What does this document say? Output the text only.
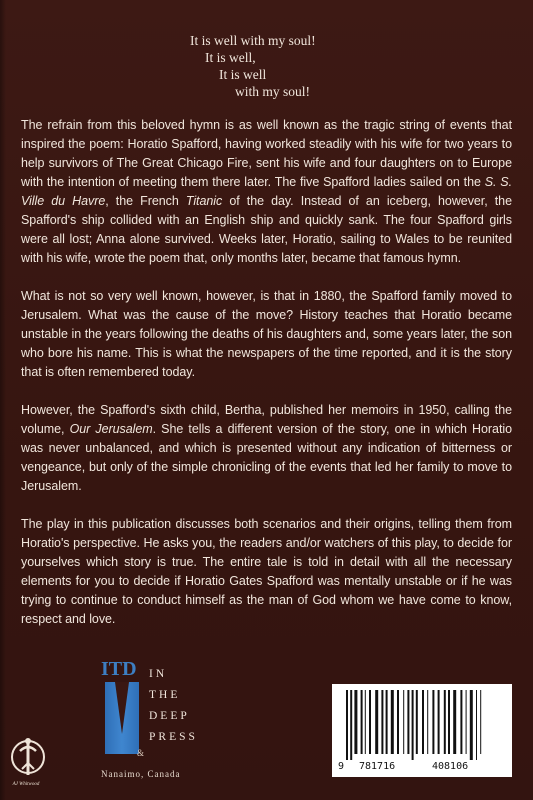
It is well with my soul!
It is well,
It is well
with my soul!

The refrain from this beloved hymn is as well known as the tragic string of events that inspired the poem: Horatio Spafford, having worked steadily with his wife for two years to help survivors of The Great Chicago Fire, sent his wife and four daughters on to Europe with the intention of meeting them there later. The five Spafford ladies sailed on the S. S. Ville du Havre, the French Titanic of the day. Instead of an iceberg, however, the Spafford's ship collided with an English ship and quickly sank. The four Spafford girls were all lost; Anna alone survived. Weeks later, Horatio, sailing to Wales to be reunited with his wife, wrote the poem that, only months later, became that famous hymn.

What is not so very well known, however, is that in 1880, the Spafford family moved to Jerusalem. What was the cause of the move? History teaches that Horatio became unstable in the years following the deaths of his daughters and, some years later, the son who bore his name. This is what the newspapers of the time reported, and it is the story that is often remembered today.

However, the Spafford's sixth child, Bertha, published her memoirs in 1950, calling the volume, Our Jerusalem. She tells a different version of the story, one in which Horatio was never unbalanced, and which is presented without any indication of bitterness or vengeance, but only of the simple chronicling of the events that led her family to move to Jerusalem.

The play in this publication discusses both scenarios and their origins, telling them from Horatio's perspective. He asks you, the readers and/or watchers of this play, to decide for yourselves which story is true. The entire tale is told in detail with all the necessary elements for you to decide if Horatio Gates Spafford was mentally unstable or if he was trying to continue to conduct himself as the man of God whom we have come to know, respect and love.

ITD
&
IN
THE
DEEP
PRESS
Nanaimo, Canada
AJ Whitwood
9 781716	408106
